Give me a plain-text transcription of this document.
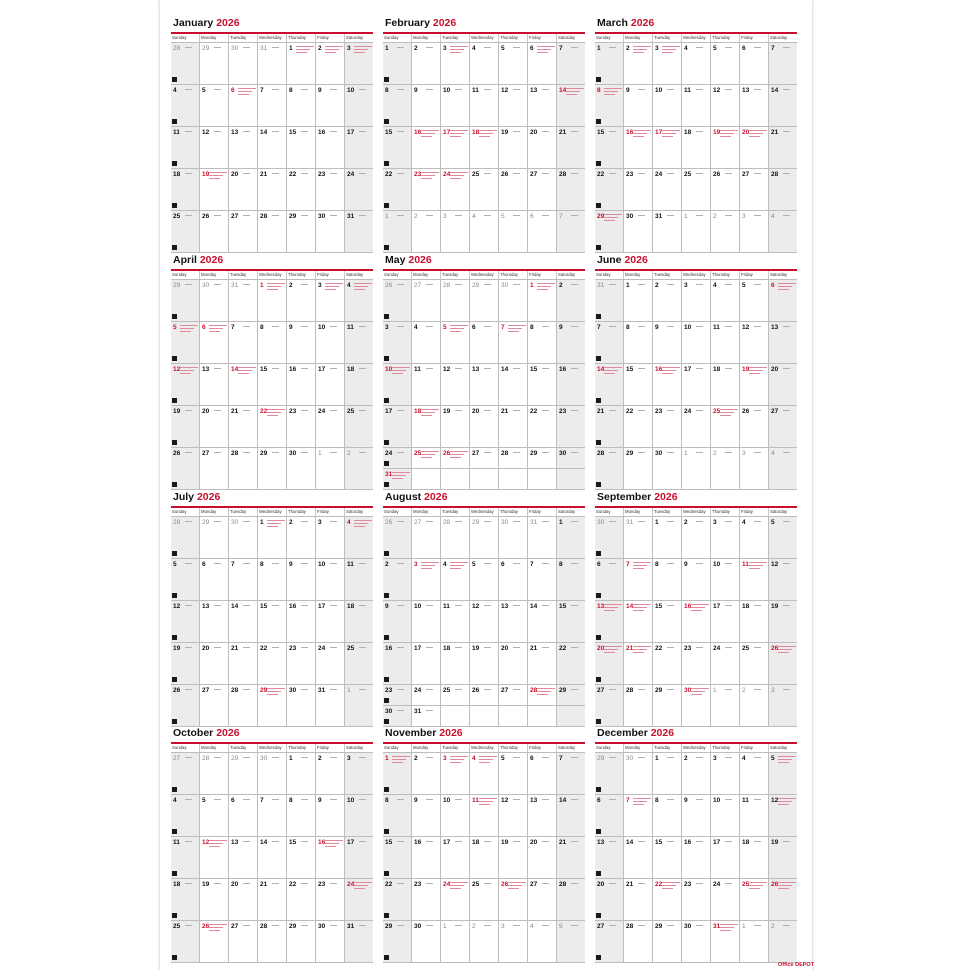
January 2026
Sunday	Monday	Tuesday	Wednesday	Thursday	Friday	Saturday
28	29	30	31	1	2	3
4	5	6	7	8	9	10
11	12	13	14	15	16	17
18	19	20	21	22	23	24
25	26	27	28	29	30	31
February 2026
Sunday	Monday	Tuesday	Wednesday	Thursday	Friday	Saturday
1	2	3	4	5	6	7
8	9	10	11	12	13	14
15	16	17	18	19	20	21
22	23	24	25	26	27	28
1	2	3	4	5	6	7
March 2026
Sunday	Monday	Tuesday	Wednesday	Thursday	Friday	Saturday
1	2	3	4	5	6	7
8	9	10	11	12	13	14
15	16	17	18	19	20	21
22	23	24	25	26	27	28
29	30	31	1	2	3	4
April 2026
Sunday	Monday	Tuesday	Wednesday	Thursday	Friday	Saturday
29	30	31	1	2	3	4
5	6	7	8	9	10	11
12	13	14	15	16	17	18
19	20	21	22	23	24	25
26	27	28	29	30	1	2
May 2026
Sunday	Monday	Tuesday	Wednesday	Thursday	Friday	Saturday
26	27	28	29	30	1	2
3	4	5	6	7	8	9
10	11	12	13	14	15	16
17	18	19	20	21	22	23
24	25	26	27	28	29	30
31
June 2026
Sunday	Monday	Tuesday	Wednesday	Thursday	Friday	Saturday
31	1	2	3	4	5	6
7	8	9	10	11	12	13
14	15	16	17	18	19	20
21	22	23	24	25	26	27
28	29	30	1	2	3	4
July 2026
Sunday	Monday	Tuesday	Wednesday	Thursday	Friday	Saturday
28	29	30	1	2	3	4
5	6	7	8	9	10	11
12	13	14	15	16	17	18
19	20	21	22	23	24	25
26	27	28	29	30	31	1
August 2026
Sunday	Monday	Tuesday	Wednesday	Thursday	Friday	Saturday
26	27	28	29	30	31	1
2	3	4	5	6	7	8
9	10	11	12	13	14	15
16	17	18	19	20	21	22
23	24	25	26	27	28	29
30	31
September 2026
Sunday	Monday	Tuesday	Wednesday	Thursday	Friday	Saturday
30	31	1	2	3	4	5
6	7	8	9	10	11	12
13	14	15	16	17	18	19
20	21	22	23	24	25	26
27	28	29	30	1	2	3
October 2026
Sunday	Monday	Tuesday	Wednesday	Thursday	Friday	Saturday
27	28	29	30	1	2	3
4	5	6	7	8	9	10
11	12	13	14	15	16	17
18	19	20	21	22	23	24
25	26	27	28	29	30	31
November 2026
Sunday	Monday	Tuesday	Wednesday	Thursday	Friday	Saturday
1	2	3	4	5	6	7
8	9	10	11	12	13	14
15	16	17	18	19	20	21
22	23	24	25	26	27	28
29	30	1	2	3	4	5
December 2026
Sunday	Monday	Tuesday	Wednesday	Thursday	Friday	Saturday
29	30	1	2	3	4	5
6	7	8	9	10	11	12
13	14	15	16	17	18	19
20	21	22	23	24	25	26
27	28	29	30	31	1	2
Office DEPOT
